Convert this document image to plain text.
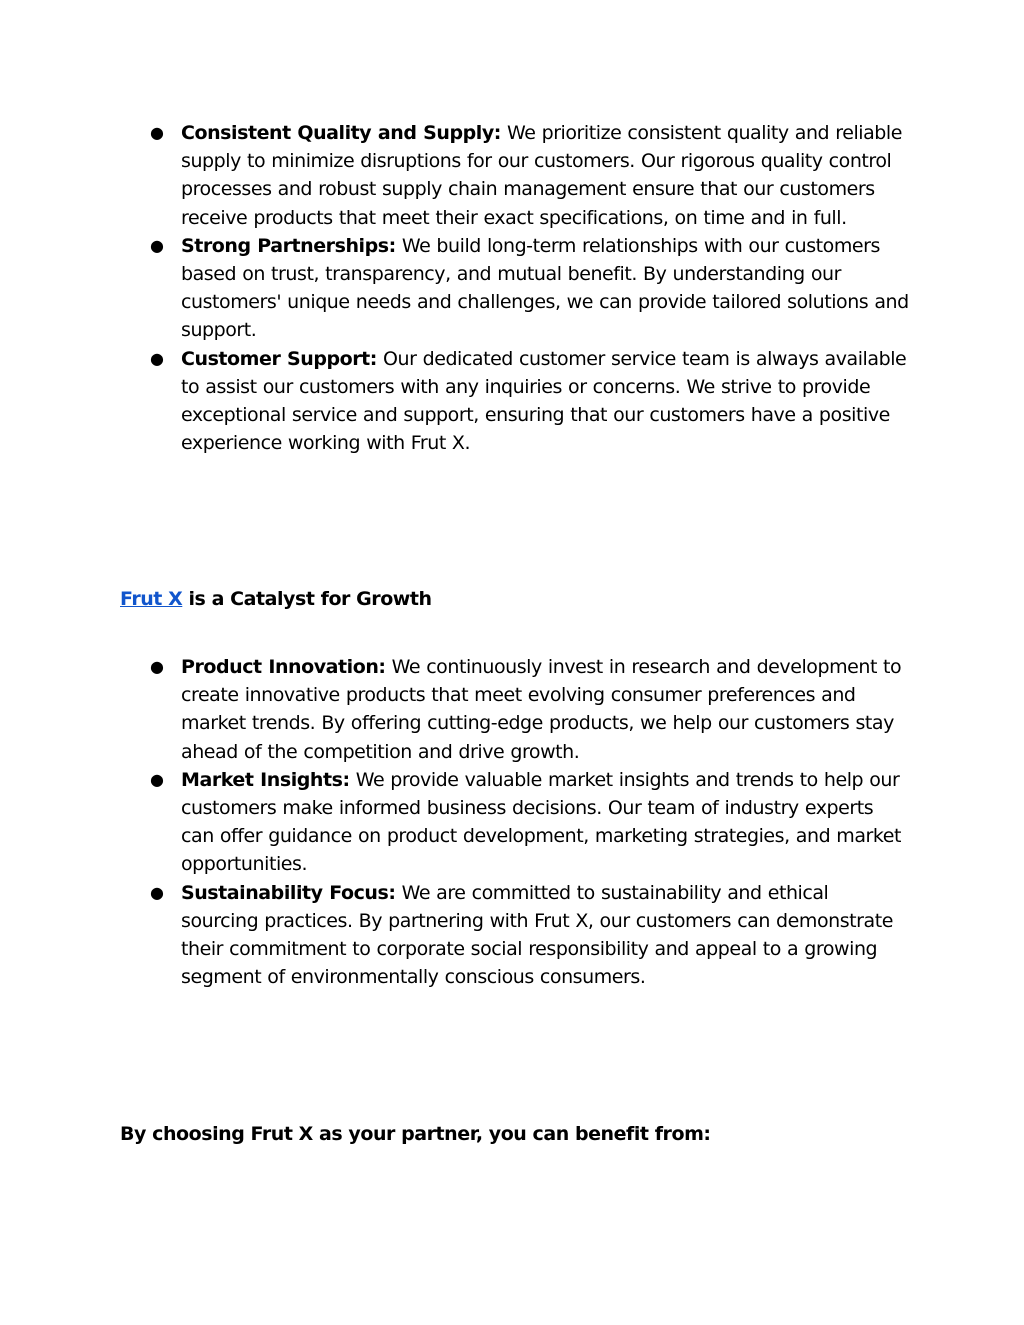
● Consistent Quality and Supply: We prioritize consistent quality and reliable supply to minimize disruptions for our customers. Our rigorous quality control processes and robust supply chain management ensure that our customers receive products that meet their exact specifications, on time and in full.
● Strong Partnerships: We build long-term relationships with our customers based on trust, transparency, and mutual benefit. By understanding our customers' unique needs and challenges, we can provide tailored solutions and support.
● Customer Support: Our dedicated customer service team is always available to assist our customers with any inquiries or concerns. We strive to provide exceptional service and support, ensuring that our customers have a positive experience working with Frut X.
Frut X is a Catalyst for Growth
● Product Innovation: We continuously invest in research and development to create innovative products that meet evolving consumer preferences and market trends. By offering cutting-edge products, we help our customers stay ahead of the competition and drive growth.
● Market Insights: We provide valuable market insights and trends to help our customers make informed business decisions. Our team of industry experts can offer guidance on product development, marketing strategies, and market opportunities.
● Sustainability Focus: We are committed to sustainability and ethical sourcing practices. By partnering with Frut X, our customers can demonstrate their commitment to corporate social responsibility and appeal to a growing segment of environmentally conscious consumers.
By choosing Frut X as your partner, you can benefit from:
